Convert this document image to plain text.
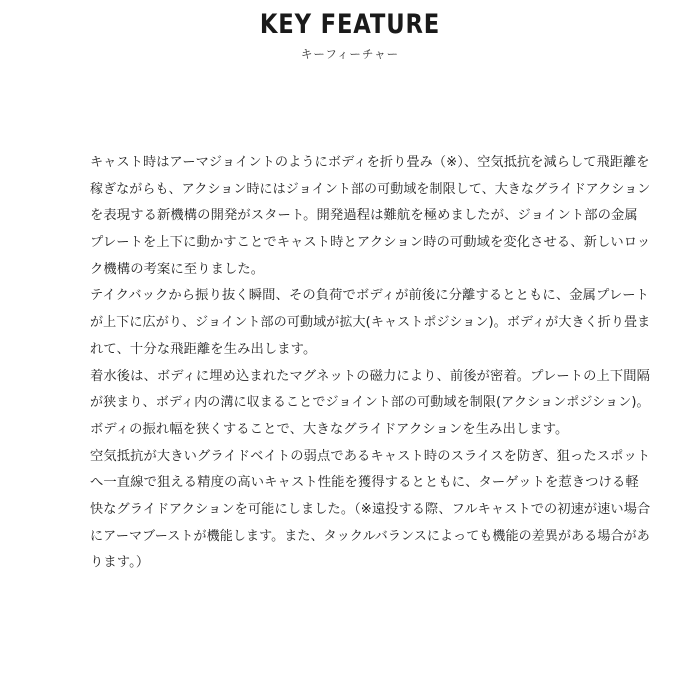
KEY FEATURE
キーフィーチャー
キャスト時はアーマジョイントのようにボディを折り畳み（※）、空気抵抗を減らして飛距離を
稼ぎながらも、アクション時にはジョイント部の可動域を制限して、大きなグライドアクション
を表現する新機構の開発がスタート。開発過程は難航を極めましたが、ジョイント部の金属
プレートを上下に動かすことでキャスト時とアクション時の可動域を変化させる、新しいロッ
ク機構の考案に至りました。
テイクバックから振り抜く瞬間、その負荷でボディが前後に分離するとともに、金属プレート
が上下に広がり、ジョイント部の可動域が拡大(キャストポジション)。ボディが大きく折り畳ま
れて、十分な飛距離を生み出します。
着水後は、ボディに埋め込まれたマグネットの磁力により、前後が密着。プレートの上下間隔
が狭まり、ボディ内の溝に収まることでジョイント部の可動域を制限(アクションポジション)。
ボディの振れ幅を狭くすることで、大きなグライドアクションを生み出します。
空気抵抗が大きいグライドベイトの弱点であるキャスト時のスライスを防ぎ、狙ったスポット
へ一直線で狙える精度の高いキャスト性能を獲得するとともに、ターゲットを惹きつける軽
快なグライドアクションを可能にしました。（※遠投する際、フルキャストでの初速が速い場合
にアーマブーストが機能します。また、タックルバランスによっても機能の差異がある場合があ
ります。）
